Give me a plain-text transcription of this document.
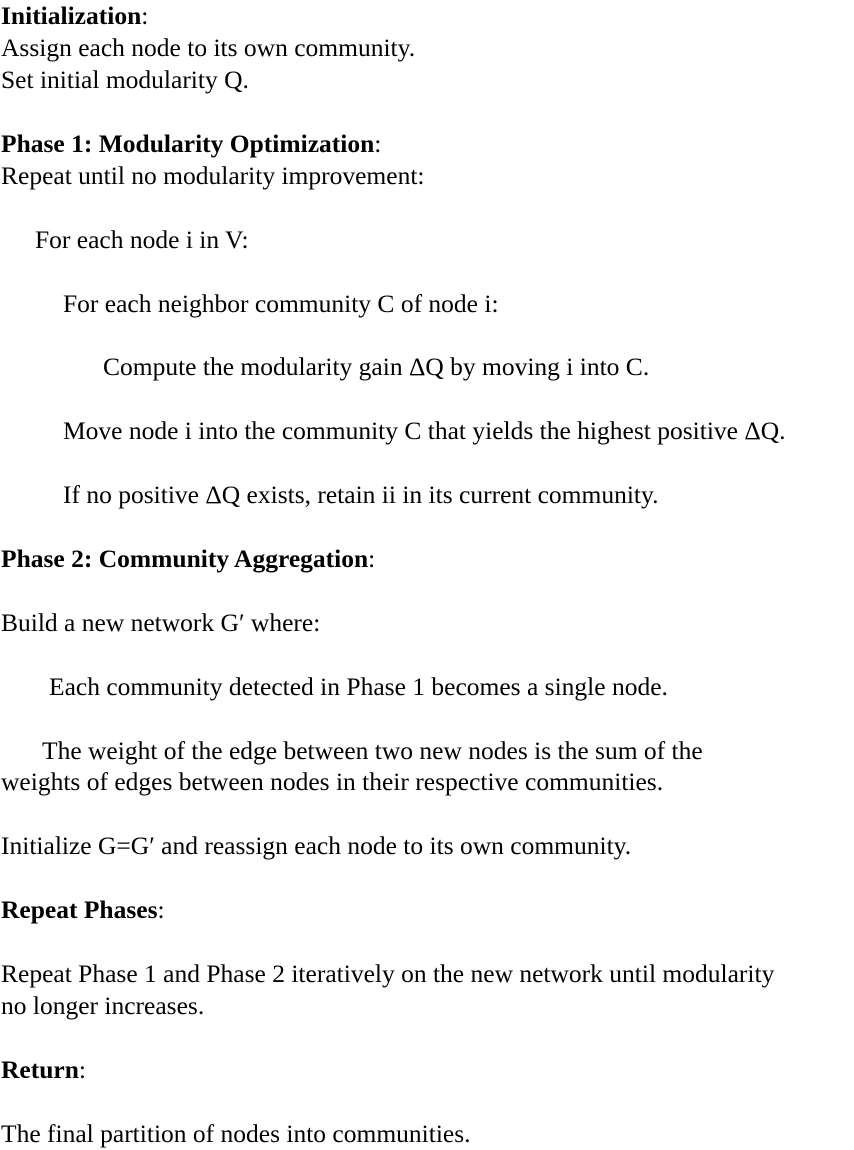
Initialization:

Assign each node to its own community.

Set initial modularity Q.

Phase 1: Modularity Optimization:

Repeat until no modularity improvement:

For each node i in V:

For each neighbor community C of node i:

Compute the modularity gain ΔQ by moving i into C.

Move node i into the community C that yields the highest positive ΔQ.

If no positive ΔQ exists, retain ii in its current community.

Phase 2: Community Aggregation:

Build a new network G′ where:

Each community detected in Phase 1 becomes a single node.

The weight of the edge between two new nodes is the sum of the

weights of edges between nodes in their respective communities.

Initialize G=G′ and reassign each node to its own community.

Repeat Phases:

Repeat Phase 1 and Phase 2 iteratively on the new network until modularity

no longer increases.

Return:

The final partition of nodes into communities.
